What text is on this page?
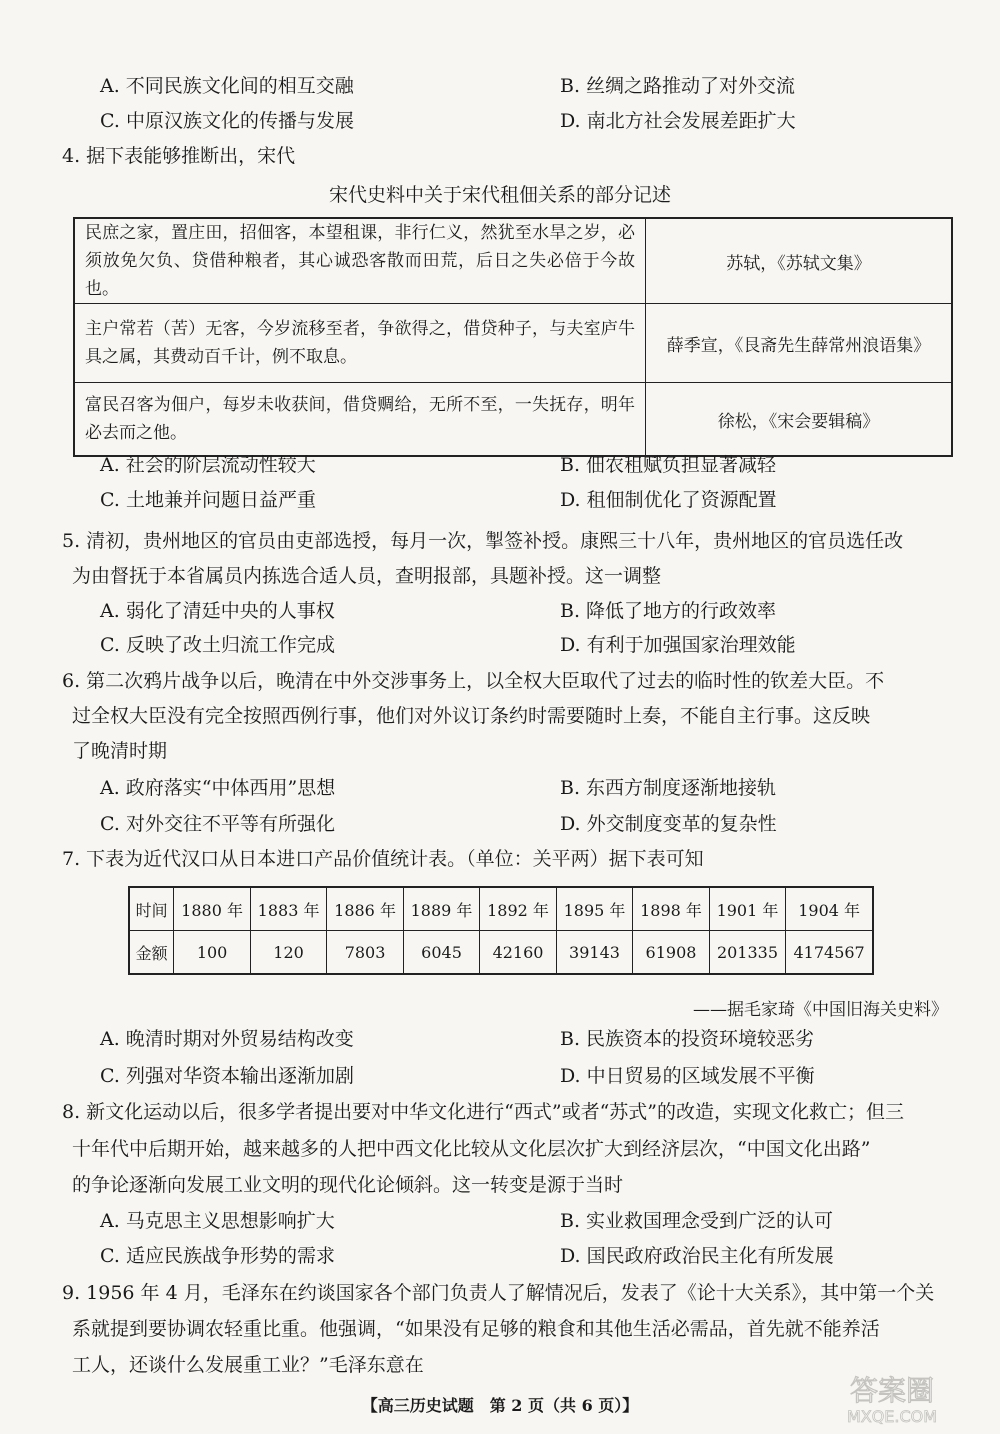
A. 不同民族文化间的相互交融	B. 丝绸之路推动了对外交流
C. 中原汉族文化的传播与发展	D. 南北方社会发展差距扩大
4. 据下表能够推断出，宋代
宋代史料中关于宋代租佃关系的部分记述
民庶之家，置庄田，招佃客，本望租课，非行仁义，然犹至水旱之岁，必须放免欠负、贷借种粮者，其心诚恐客散而田荒，后日之失必倍于今故也。	苏轼，《苏轼文集》
主户常若（苦）无客，今岁流移至者，争欲得之，借贷种子，与夫室庐牛具之属，其费动百千计，例不取息。	薛季宣，《艮斋先生薛常州浪语集》
富民召客为佃户，每岁未收获间，借贷赒给，无所不至，一失抚存，明年必去而之他。	徐松，《宋会要辑稿》
A. 社会的阶层流动性较大	B. 佃农租赋负担显著减轻
C. 土地兼并问题日益严重	D. 租佃制优化了资源配置
5. 清初，贵州地区的官员由吏部选授，每月一次，掣签补授。康熙三十八年，贵州地区的官员选任改
为由督抚于本省属员内拣选合适人员，查明报部，具题补授。这一调整
A. 弱化了清廷中央的人事权	B. 降低了地方的行政效率
C. 反映了改土归流工作完成	D. 有利于加强国家治理效能
6. 第二次鸦片战争以后，晚清在中外交涉事务上，以全权大臣取代了过去的临时性的钦差大臣。不
过全权大臣没有完全按照西例行事，他们对外议订条约时需要随时上奏，不能自主行事。这反映
了晚清时期
A. 政府落实“中体西用”思想	B. 东西方制度逐渐地接轨
C. 对外交往不平等有所强化	D. 外交制度变革的复杂性
7. 下表为近代汉口从日本进口产品价值统计表。（单位：关平两）据下表可知
时间	1880 年	1883 年	1886 年	1889 年	1892 年	1895 年	1898 年	1901 年	1904 年
金额	100	120	7803	6045	42160	39143	61908	201335	4174567
——据毛家琦《中国旧海关史料》
A. 晚清时期对外贸易结构改变	B. 民族资本的投资环境较恶劣
C. 列强对华资本输出逐渐加剧	D. 中日贸易的区域发展不平衡
8. 新文化运动以后，很多学者提出要对中华文化进行“西式”或者“苏式”的改造，实现文化救亡；但三
十年代中后期开始，越来越多的人把中西文化比较从文化层次扩大到经济层次，“中国文化出路”
的争论逐渐向发展工业文明的现代化论倾斜。这一转变是源于当时
A. 马克思主义思想影响扩大	B. 实业救国理念受到广泛的认可
C. 适应民族战争形势的需求	D. 国民政府政治民主化有所发展
9. 1956 年 4 月，毛泽东在约谈国家各个部门负责人了解情况后，发表了《论十大关系》，其中第一个关
系就提到要协调农轻重比重。他强调，“如果没有足够的粮食和其他生活必需品，首先就不能养活
工人，还谈什么发展重工业？”毛泽东意在
【高三历史试题　第 2 页（共 6 页）】	答案圈
MXQE.COM
